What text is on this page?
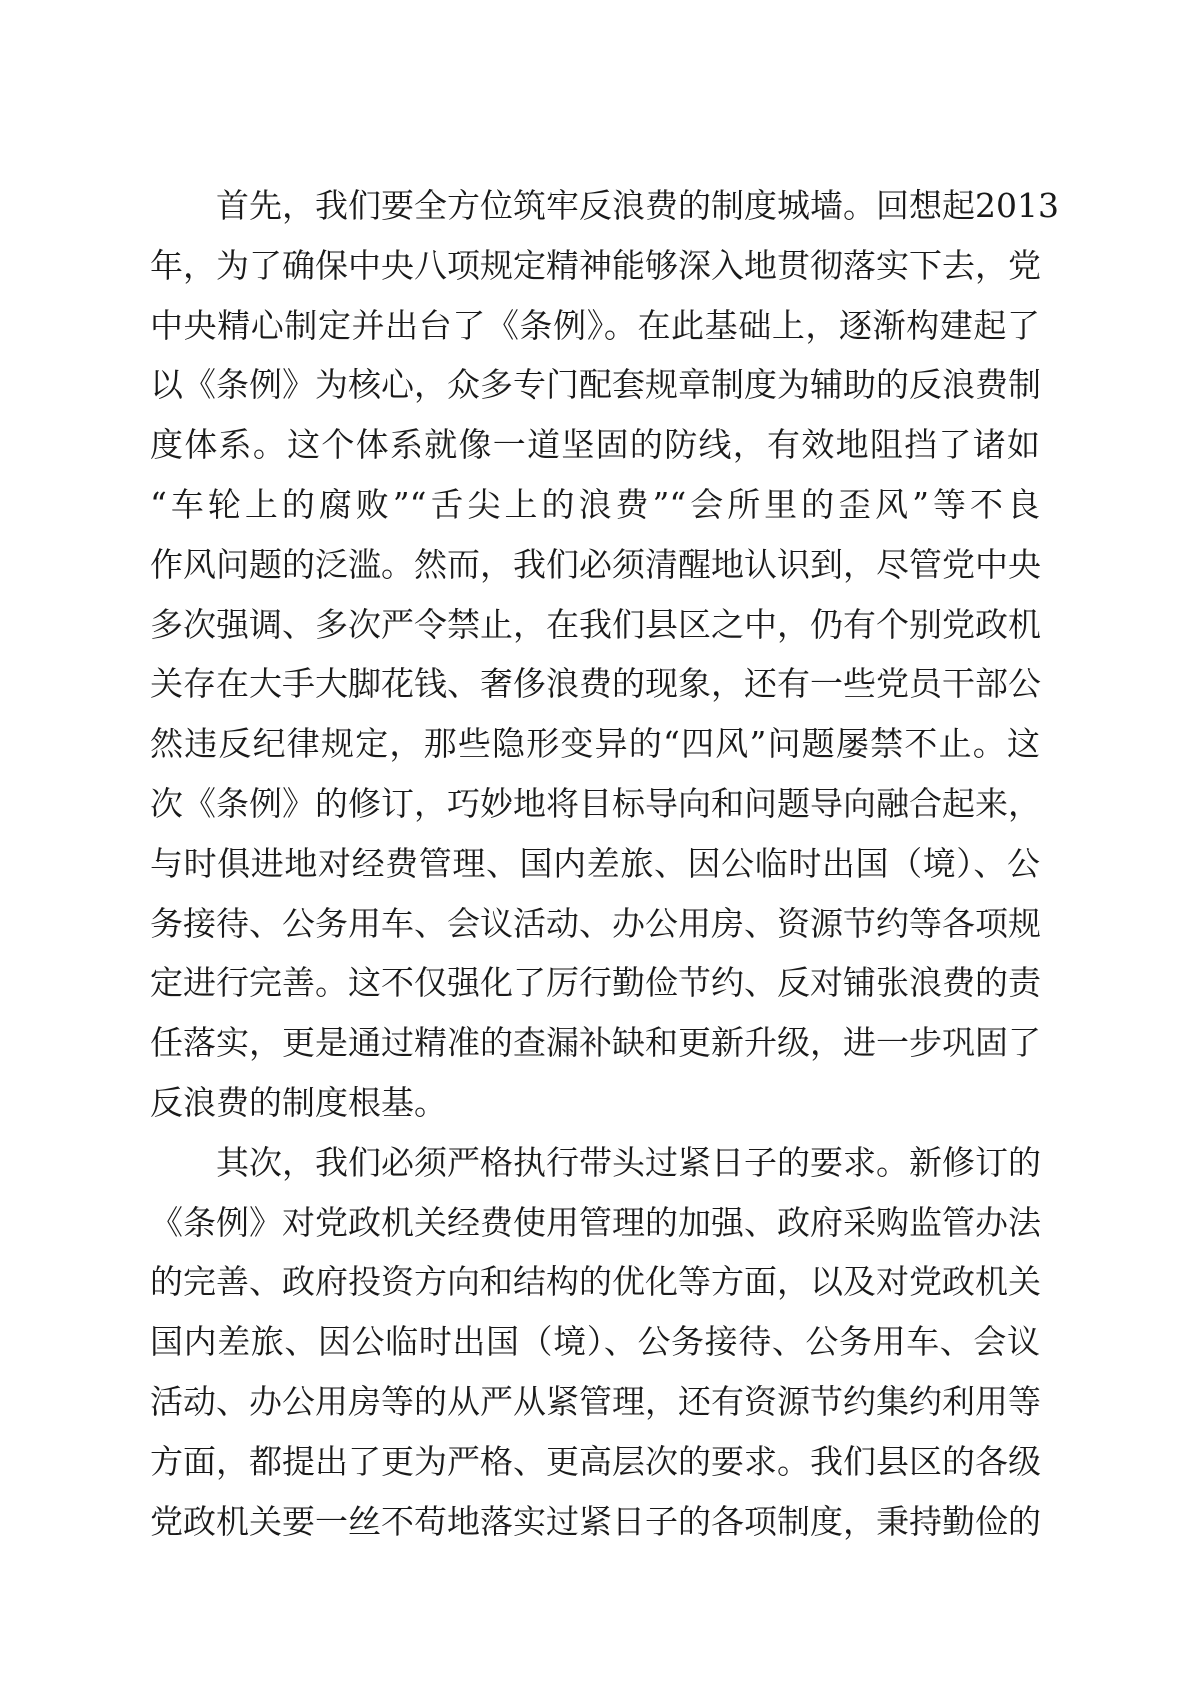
　　首先，我们要全方位筑牢反浪费的制度城墙。回想起2013
年，为了确保中央八项规定精神能够深入地贯彻落实下去，党
中央精心制定并出台了《条例》。在此基础上，逐渐构建起了
以《条例》为核心，众多专门配套规章制度为辅助的反浪费制
度体系。这个体系就像一道坚固的防线，有效地阻挡了诸如
“车轮上的腐败”“舌尖上的浪费”“会所里的歪风”等不良
作风问题的泛滥。然而，我们必须清醒地认识到，尽管党中央
多次强调、多次严令禁止，在我们县区之中，仍有个别党政机
关存在大手大脚花钱、奢侈浪费的现象，还有一些党员干部公
然违反纪律规定，那些隐形变异的“四风”问题屡禁不止。这
次《条例》的修订，巧妙地将目标导向和问题导向融合起来，
与时俱进地对经费管理、国内差旅、因公临时出国（境）、公
务接待、公务用车、会议活动、办公用房、资源节约等各项规
定进行完善。这不仅强化了厉行勤俭节约、反对铺张浪费的责
任落实，更是通过精准的查漏补缺和更新升级，进一步巩固了
反浪费的制度根基。
　　其次，我们必须严格执行带头过紧日子的要求。新修订的
《条例》对党政机关经费使用管理的加强、政府采购监管办法
的完善、政府投资方向和结构的优化等方面，以及对党政机关
国内差旅、因公临时出国（境）、公务接待、公务用车、会议
活动、办公用房等的从严从紧管理，还有资源节约集约利用等
方面，都提出了更为严格、更高层次的要求。我们县区的各级
党政机关要一丝不苟地落实过紧日子的各项制度，秉持勤俭的
